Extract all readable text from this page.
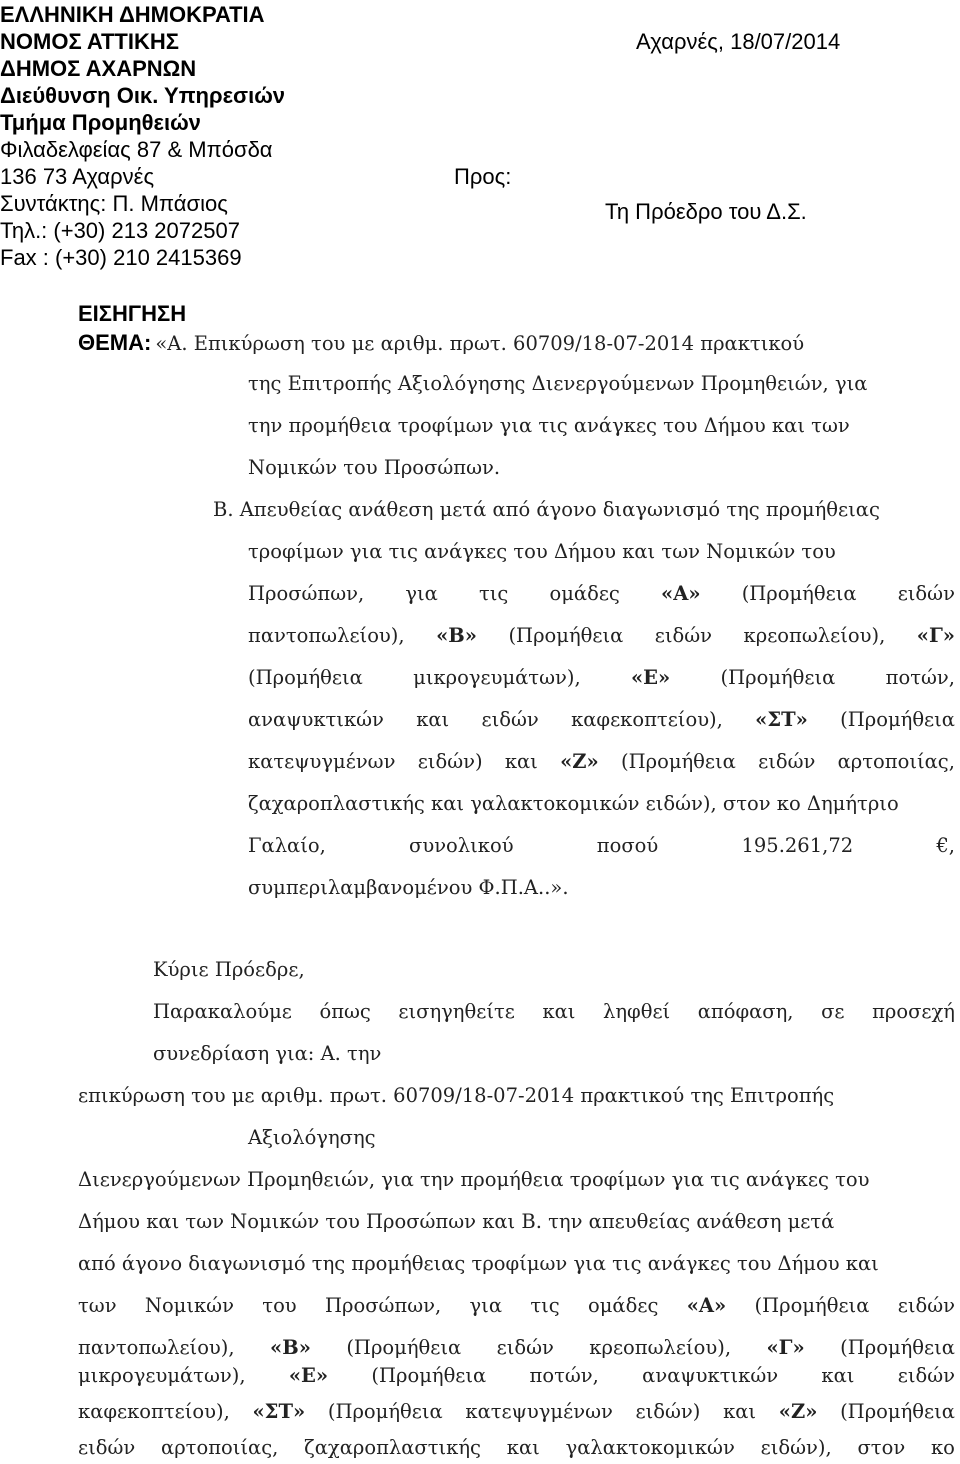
ΕΛΛΗΝΙΚΗ ΔΗΜΟΚΡΑΤΙΑ
ΝΟΜΟΣ ΑΤΤΙΚΗΣ
ΔΗΜΟΣ ΑΧΑΡΝΩΝ
Διεύθυνση Οικ. Υπηρεσιών
Τμήμα Προμηθειών
Φιλαδελφείας 87 & Μπόσδα
136 73 Αχαρνές
Συντάκτης: Π. Μπάσιος
Τηλ.: (+30) 213 2072507
Fax : (+30) 210 2415369
Αχαρνές, 18/07/2014
Προς:
Τη Πρόεδρο του Δ.Σ.
ΕΙΣΗΓΗΣΗ
ΘΕΜΑ: «Α. Επικύρωση του με αριθμ. πρωτ. 60709/18-07-2014 πρακτικού
της Επιτροπής Αξιολόγησης Διενεργούμενων Προμηθειών, για
την προμήθεια τροφίμων για τις ανάγκες του Δήμου και των
Νομικών του Προσώπων.
Β. Απευθείας ανάθεση μετά από άγονο διαγωνισμό της προμήθειας
τροφίμων για τις ανάγκες του Δήμου και των Νομικών του
Προσώπων, για τις ομάδες «Α» (Προμήθεια ειδών
παντοπωλείου), «Β» (Προμήθεια ειδών κρεοπωλείου), «Γ»
(Προμήθεια	μικρογευμάτων),	«Ε»	(Προμήθεια	ποτών,
αναψυκτικών και ειδών καφεκοπτείου), «ΣΤ» (Προμήθεια
κατεψυγμένων ειδών) και «Ζ» (Προμήθεια ειδών αρτοποιίας,
ζαχαροπλαστικής και γαλακτοκομικών ειδών), στον κο Δημήτριο
Γαλαίο,	συνολικού	ποσού	195.261,72	€,
συμπεριλαμβανομένου Φ.Π.Α..».
Κύριε Πρόεδρε,
Παρακαλούμε όπως εισηγηθείτε και ληφθεί απόφαση, σε προσεχή
συνεδρίαση για: Α. την
επικύρωση του με αριθμ. πρωτ. 60709/18-07-2014 πρακτικού της Επιτροπής
Αξιολόγησης
Διενεργούμενων Προμηθειών, για την προμήθεια τροφίμων για τις ανάγκες του
Δήμου και των Νομικών του Προσώπων και Β. την απευθείας ανάθεση μετά
από άγονο διαγωνισμό της προμήθειας τροφίμων για τις ανάγκες του Δήμου και
των Νομικών του Προσώπων, για τις ομάδες «Α» (Προμήθεια ειδών
παντοπωλείου), «Β» (Προμήθεια ειδών κρεοπωλείου), «Γ» (Προμήθεια
μικρογευμάτων), «Ε» (Προμήθεια ποτών, αναψυκτικών και ειδών
καφεκοπτείου), «ΣΤ» (Προμήθεια κατεψυγμένων ειδών) και «Ζ» (Προμήθεια
ειδών αρτοποιίας, ζαχαροπλαστικής και γαλακτοκομικών ειδών), στον κο
